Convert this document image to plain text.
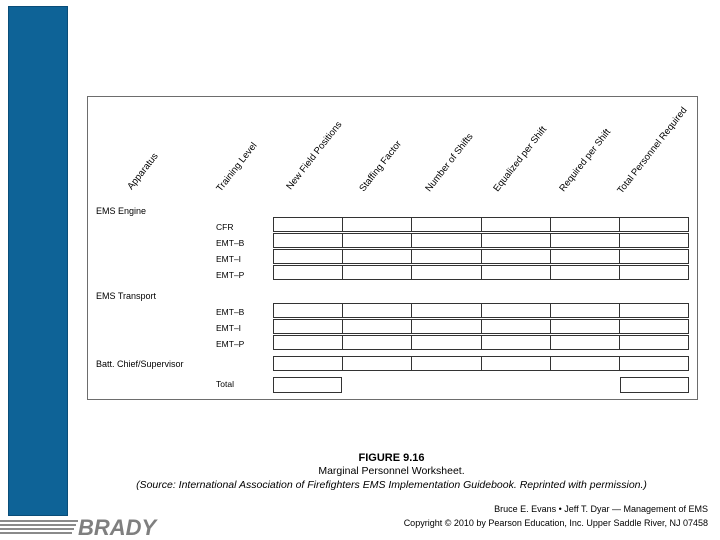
BRADY
Apparatus	Training Level	New Field Positions Staffing Factor Number of Shifts Equalized per Shift Required per Shift Total Personnel Required
EMS Engine
EMS Transport
Batt. Chief/Supervisor
CFR
EMT–B
EMT–I
EMT–P
EMT–B
EMT–I
EMT–P
Total
FIGURE 9.16
Marginal Personnel Worksheet.
(Source: International Association of Firefighters EMS Implementation Guidebook. Reprinted with permission.)
Bruce E. Evans • Jeff T. Dyar — Management of EMS
Copyright © 2010 by Pearson Education, Inc. Upper Saddle River, NJ 07458
